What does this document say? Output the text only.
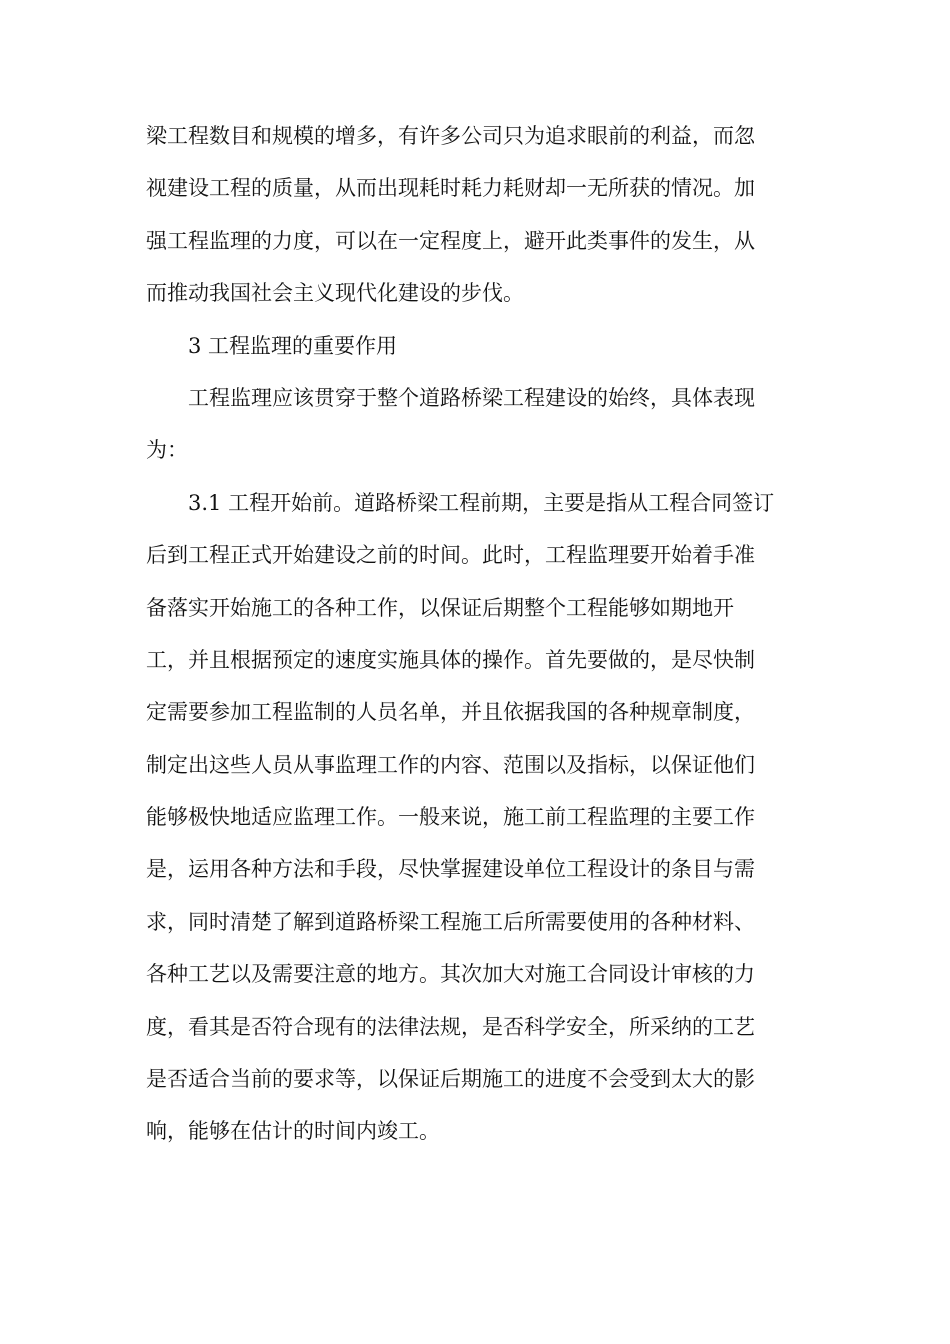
梁工程数目和规模的增多，有许多公司只为追求眼前的利益，而忽
视建设工程的质量，从而出现耗时耗力耗财却一无所获的情况。加
强工程监理的力度，可以在一定程度上，避开此类事件的发生，从
而推动我国社会主义现代化建设的步伐。
3 工程监理的重要作用
工程监理应该贯穿于整个道路桥梁工程建设的始终，具体表现
为：
3.1 工程开始前。道路桥梁工程前期，主要是指从工程合同签订
后到工程正式开始建设之前的时间。此时，工程监理要开始着手准
备落实开始施工的各种工作，以保证后期整个工程能够如期地开
工，并且根据预定的速度实施具体的操作。首先要做的，是尽快制
定需要参加工程监制的人员名单，并且依据我国的各种规章制度，
制定出这些人员从事监理工作的内容、范围以及指标，以保证他们
能够极快地适应监理工作。一般来说，施工前工程监理的主要工作
是，运用各种方法和手段，尽快掌握建设单位工程设计的条目与需
求，同时清楚了解到道路桥梁工程施工后所需要使用的各种材料、
各种工艺以及需要注意的地方。其次加大对施工合同设计审核的力
度，看其是否符合现有的法律法规，是否科学安全，所采纳的工艺
是否适合当前的要求等，以保证后期施工的进度不会受到太大的影
响，能够在估计的时间内竣工。
